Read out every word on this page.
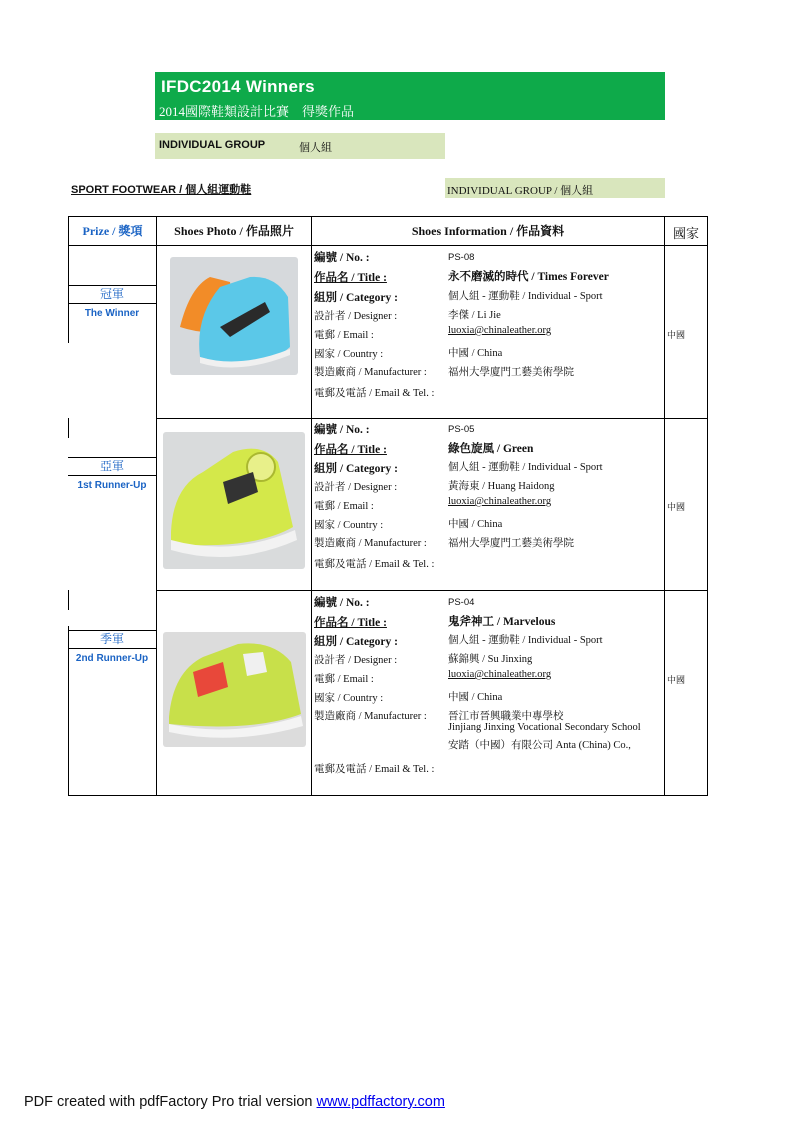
IFDC2014 Winners
2014國際鞋類設計比賽　得獎作品
INDIVIDUAL GROUP	個人組
SPORT FOOTWEAR / 個人組運動鞋	INDIVIDUAL GROUP / 個人組
Prize / 獎項	Shoes Photo / 作品照片	Shoes Information / 作品資料	國家
冠軍
The Winner
編號 / No. :	PS-08
作品名 / Title :	永不磨滅的時代 / Times Forever
組別 / Category :	個人組 - 運動鞋 / Individual - Sport
設計者 / Designer :	李傑 / Li Jie
電郵 / Email :	luoxia@chinaleather.org
國家 / Country :	中國 / China
製造廠商 / Manufacturer : 福州大學廈門工藝美術學院
電郵及電話 / Email & Tel. :
中國
亞軍
1st Runner-Up
編號 / No. :	PS-05
作品名 / Title :	綠色旋風 / Green
組別 / Category :	個人組 - 運動鞋 / Individual - Sport
設計者 / Designer :	黃海東 / Huang Haidong
電郵 / Email :	luoxia@chinaleather.org
國家 / Country :	中國 / China
製造廠商 / Manufacturer : 福州大學廈門工藝美術學院
電郵及電話 / Email & Tel. :
中國
季軍
2nd Runner-Up
編號 / No. :	PS-04
作品名 / Title :	鬼斧神工 / Marvelous
組別 / Category :	個人組 - 運動鞋 / Individual - Sport
設計者 / Designer :	蘇錦興 / Su Jinxing
電郵 / Email :	luoxia@chinaleather.org
國家 / Country :	中國 / China
製造廠商 / Manufacturer : 晉江市晉興職業中專學校
Jinjiang Jinxing Vocational Secondary School
安踏（中國）有限公司 Anta (China) Co.,
電郵及電話 / Email & Tel. :
中國
PDF created with pdfFactory Pro trial version www.pdffactory.com
